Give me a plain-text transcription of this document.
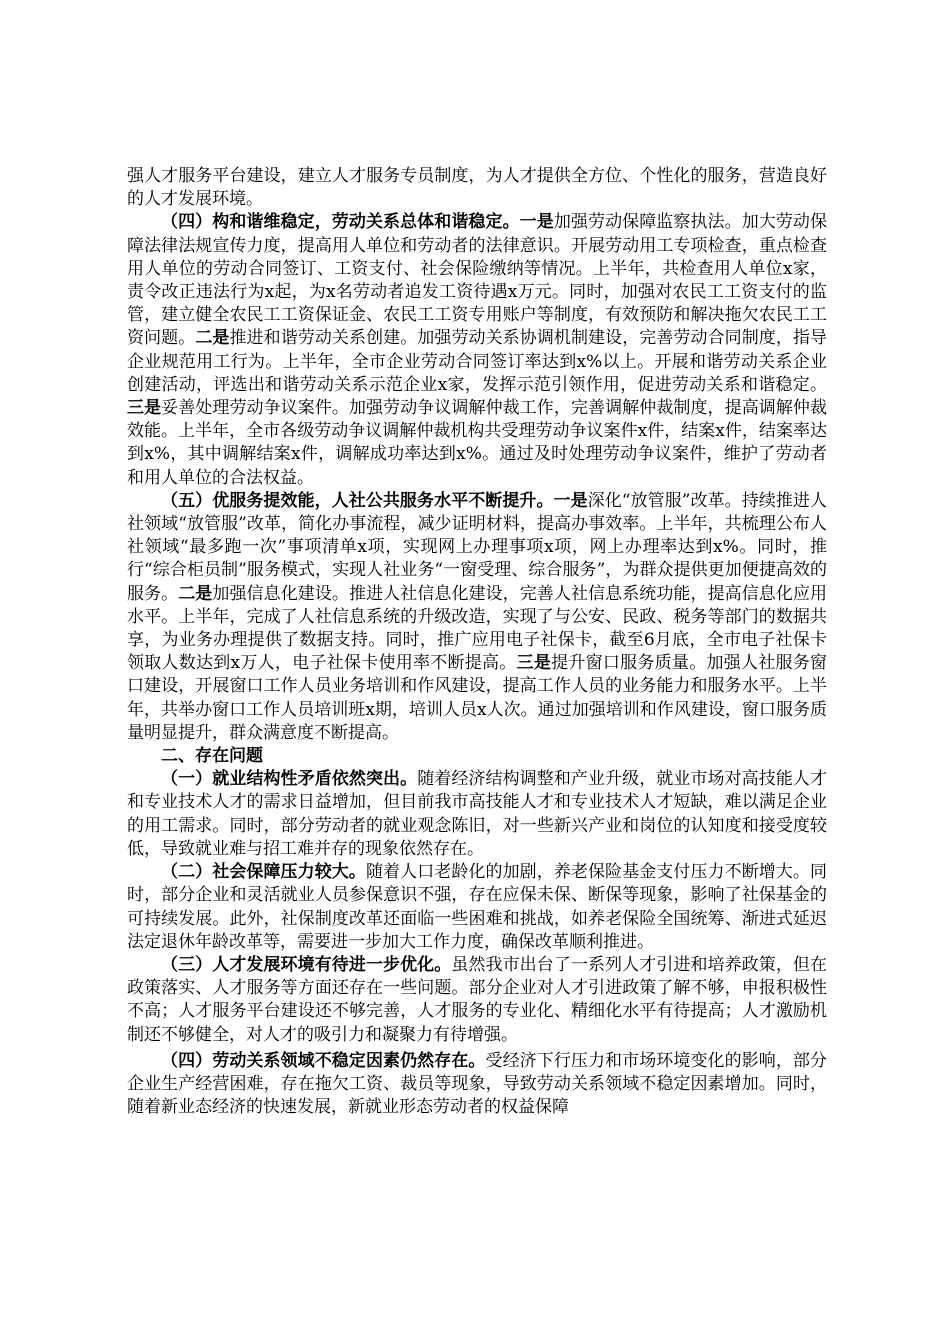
强人才服务平台建设，建立人才服务专员制度，为人才提供全方位、个性化的服务，营造良好的人才发展环境。

（四）构和谐维稳定，劳动关系总体和谐稳定。一是加强劳动保障监察执法。加大劳动保障法律法规宣传力度，提高用人单位和劳动者的法律意识。开展劳动用工专项检查，重点检查用人单位的劳动合同签订、工资支付、社会保险缴纳等情况。上半年，共检查用人单位x家，责令改正违法行为x起，为x名劳动者追发工资待遇x万元。同时，加强对农民工工资支付的监管，建立健全农民工工资保证金、农民工工资专用账户等制度，有效预防和解决拖欠农民工工资问题。二是推进和谐劳动关系创建。加强劳动关系协调机制建设，完善劳动合同制度，指导企业规范用工行为。上半年，全市企业劳动合同签订率达到x%以上。开展和谐劳动关系企业创建活动，评选出和谐劳动关系示范企业x家，发挥示范引领作用，促进劳动关系和谐稳定。三是妥善处理劳动争议案件。加强劳动争议调解仲裁工作，完善调解仲裁制度，提高调解仲裁效能。上半年，全市各级劳动争议调解仲裁机构共受理劳动争议案件x件，结案x件，结案率达到x%，其中调解结案x件，调解成功率达到x%。通过及时处理劳动争议案件，维护了劳动者和用人单位的合法权益。

（五）优服务提效能，人社公共服务水平不断提升。一是深化“放管服”改革。持续推进人社领域“放管服”改革，简化办事流程，减少证明材料，提高办事效率。上半年，共梳理公布人社领域“最多跑一次”事项清单x项，实现网上办理事项x项，网上办理率达到x%。同时，推行“综合柜员制”服务模式，实现人社业务“一窗受理、综合服务”，为群众提供更加便捷高效的服务。二是加强信息化建设。推进人社信息化建设，完善人社信息系统功能，提高信息化应用水平。上半年，完成了人社信息系统的升级改造，实现了与公安、民政、税务等部门的数据共享，为业务办理提供了数据支持。同时，推广应用电子社保卡，截至6月底，全市电子社保卡领取人数达到x万人，电子社保卡使用率不断提高。三是提升窗口服务质量。加强人社服务窗口建设，开展窗口工作人员业务培训和作风建设，提高工作人员的业务能力和服务水平。上半年，共举办窗口工作人员培训班x期，培训人员x人次。通过加强培训和作风建设，窗口服务质量明显提升，群众满意度不断提高。

二、存在问题

（一）就业结构性矛盾依然突出。随着经济结构调整和产业升级，就业市场对高技能人才和专业技术人才的需求日益增加，但目前我市高技能人才和专业技术人才短缺，难以满足企业的用工需求。同时，部分劳动者的就业观念陈旧，对一些新兴产业和岗位的认知度和接受度较低，导致就业难与招工难并存的现象依然存在。

（二）社会保障压力较大。随着人口老龄化的加剧，养老保险基金支付压力不断增大。同时，部分企业和灵活就业人员参保意识不强，存在应保未保、断保等现象，影响了社保基金的可持续发展。此外，社保制度改革还面临一些困难和挑战，如养老保险全国统筹、渐进式延迟法定退休年龄改革等，需要进一步加大工作力度，确保改革顺利推进。

（三）人才发展环境有待进一步优化。虽然我市出台了一系列人才引进和培养政策，但在政策落实、人才服务等方面还存在一些问题。部分企业对人才引进政策了解不够，申报积极性不高；人才服务平台建设还不够完善，人才服务的专业化、精细化水平有待提高；人才激励机制还不够健全，对人才的吸引力和凝聚力有待增强。

（四）劳动关系领域不稳定因素仍然存在。受经济下行压力和市场环境变化的影响，部分企业生产经营困难，存在拖欠工资、裁员等现象，导致劳动关系领域不稳定因素增加。同时，随着新业态经济的快速发展，新就业形态劳动者的权益保障
